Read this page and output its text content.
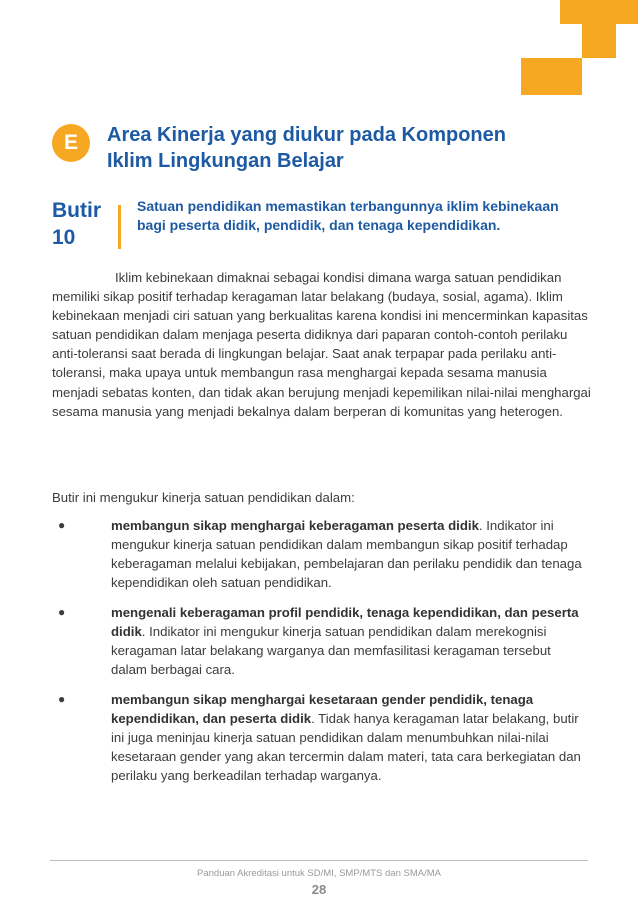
E	Area Kinerja yang diukur pada Komponen Iklim Lingkungan Belajar
Butir
10
Satuan pendidikan memastikan terbangunnya iklim kebinekaan bagi peserta didik, pendidik, dan tenaga kependidikan.

Iklim kebinekaan dimaknai sebagai kondisi dimana warga satuan pendidikan memiliki sikap positif terhadap keragaman latar belakang (budaya, sosial, agama). Iklim kebinekaan menjadi ciri satuan yang berkualitas karena kondisi ini mencerminkan kapasitas satuan pendidikan dalam menjaga peserta didiknya dari paparan contoh-contoh perilaku anti-toleransi saat berada di lingkungan belajar. Saat anak terpapar pada perilaku anti-toleransi, maka upaya untuk membangun rasa menghargai kepada sesama manusia menjadi sebatas konten, dan tidak akan berujung menjadi kepemilikan nilai-nilai menghargai sesama manusia yang menjadi bekalnya dalam berperan di komunitas yang heterogen.

Butir ini mengukur kinerja satuan pendidikan dalam:

●	membangun sikap menghargai keberagaman peserta didik. Indikator ini mengukur kinerja satuan pendidikan dalam membangun sikap positif terhadap keberagaman melalui kebijakan, pembelajaran dan perilaku pendidik dan tenaga kependidikan oleh satuan pendidikan.
●	mengenali keberagaman profil pendidik, tenaga kependidikan, dan peserta didik. Indikator ini mengukur kinerja satuan pendidikan dalam merekognisi keragaman latar belakang warganya dan memfasilitasi keragaman tersebut dalam berbagai cara.
●	membangun sikap menghargai kesetaraan gender pendidik, tenaga kependidikan, dan peserta didik. Tidak hanya keragaman latar belakang, butir ini juga meninjau kinerja satuan pendidikan dalam menumbuhkan nilai-nilai kesetaraan gender yang akan tercermin dalam materi, tata cara berkegiatan dan perilaku yang berkeadilan terhadap warganya.
Panduan Akreditasi untuk SD/MI, SMP/MTS dan SMA/MA
28
